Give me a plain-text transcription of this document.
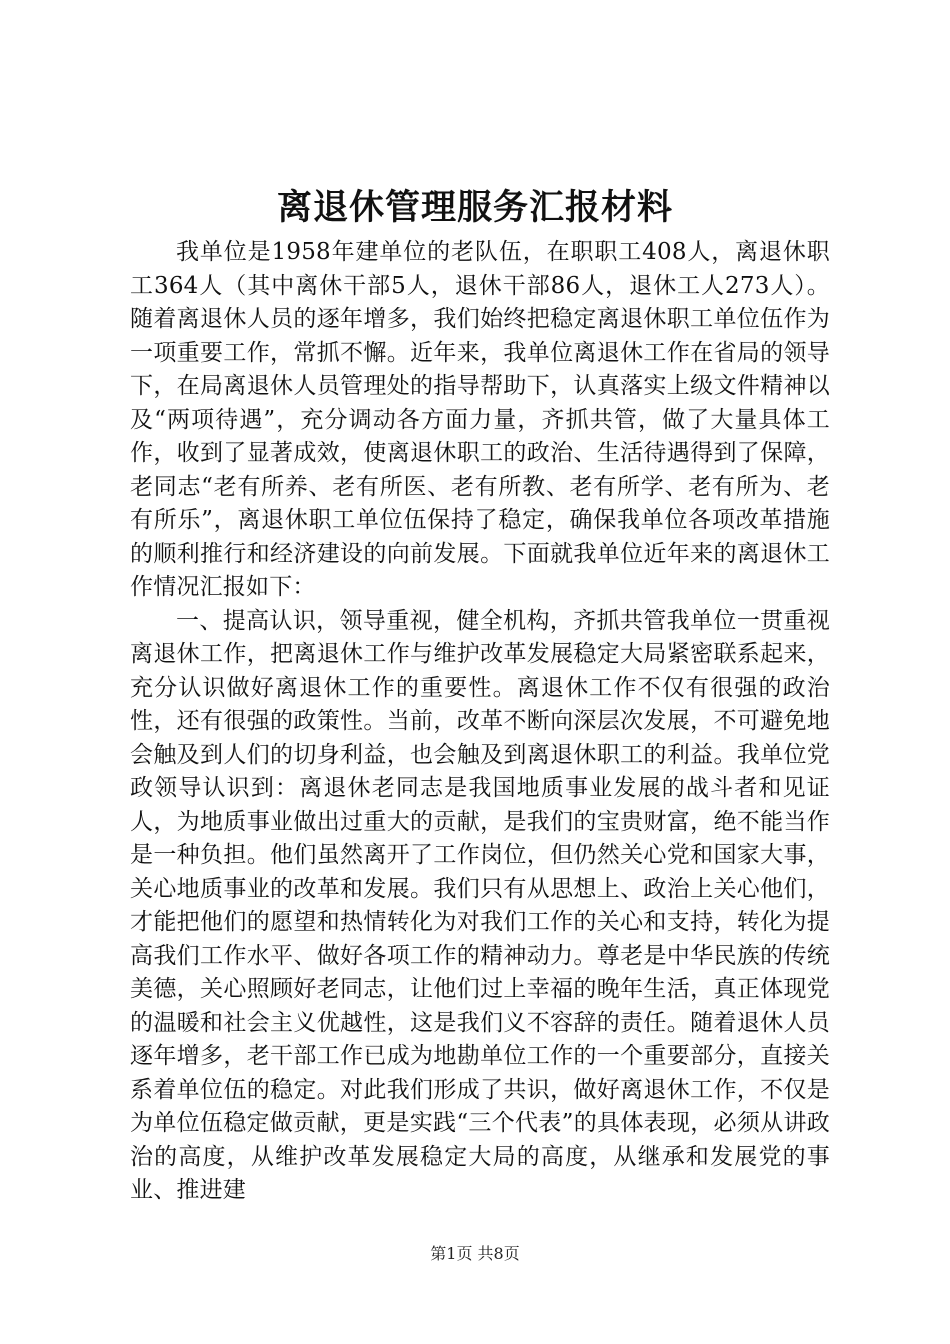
离退休管理服务汇报材料

我单位是1958年建单位的老队伍，在职职工408人，离退休职工364人（其中离休干部5人，退休干部86人，退休工人273人）。随着离退休人员的逐年增多，我们始终把稳定离退休职工单位伍作为一项重要工作，常抓不懈。近年来，我单位离退休工作在省局的领导下，在局离退休人员管理处的指导帮助下，认真落实上级文件精神以及“两项待遇”，充分调动各方面力量，齐抓共管，做了大量具体工作，收到了显著成效，使离退休职工的政治、生活待遇得到了保障，老同志“老有所养、老有所医、老有所教、老有所学、老有所为、老有所乐”，离退休职工单位伍保持了稳定，确保我单位各项改革措施的顺利推行和经济建设的向前发展。下面就我单位近年来的离退休工作情况汇报如下：

一、提高认识，领导重视，健全机构，齐抓共管我单位一贯重视离退休工作，把离退休工作与维护改革发展稳定大局紧密联系起来，充分认识做好离退休工作的重要性。离退休工作不仅有很强的政治性，还有很强的政策性。当前，改革不断向深层次发展，不可避免地会触及到人们的切身利益，也会触及到离退休职工的利益。我单位党政领导认识到：离退休老同志是我国地质事业发展的战斗者和见证人，为地质事业做出过重大的贡献，是我们的宝贵财富，绝不能当作是一种负担。他们虽然离开了工作岗位，但仍然关心党和国家大事，关心地质事业的改革和发展。我们只有从思想上、政治上关心他们，才能把他们的愿望和热情转化为对我们工作的关心和支持，转化为提高我们工作水平、做好各项工作的精神动力。尊老是中华民族的传统美德，关心照顾好老同志，让他们过上幸福的晚年生活，真正体现党的温暖和社会主义优越性，这是我们义不容辞的责任。随着退休人员逐年增多，老干部工作已成为地勘单位工作的一个重要部分，直接关系着单位伍的稳定。对此我们形成了共识，做好离退休工作，不仅是为单位伍稳定做贡献，更是实践“三个代表”的具体表现，必须从讲政治的高度，从维护改革发展稳定大局的高度，从继承和发展党的事业、推进建

第1页 共8页
